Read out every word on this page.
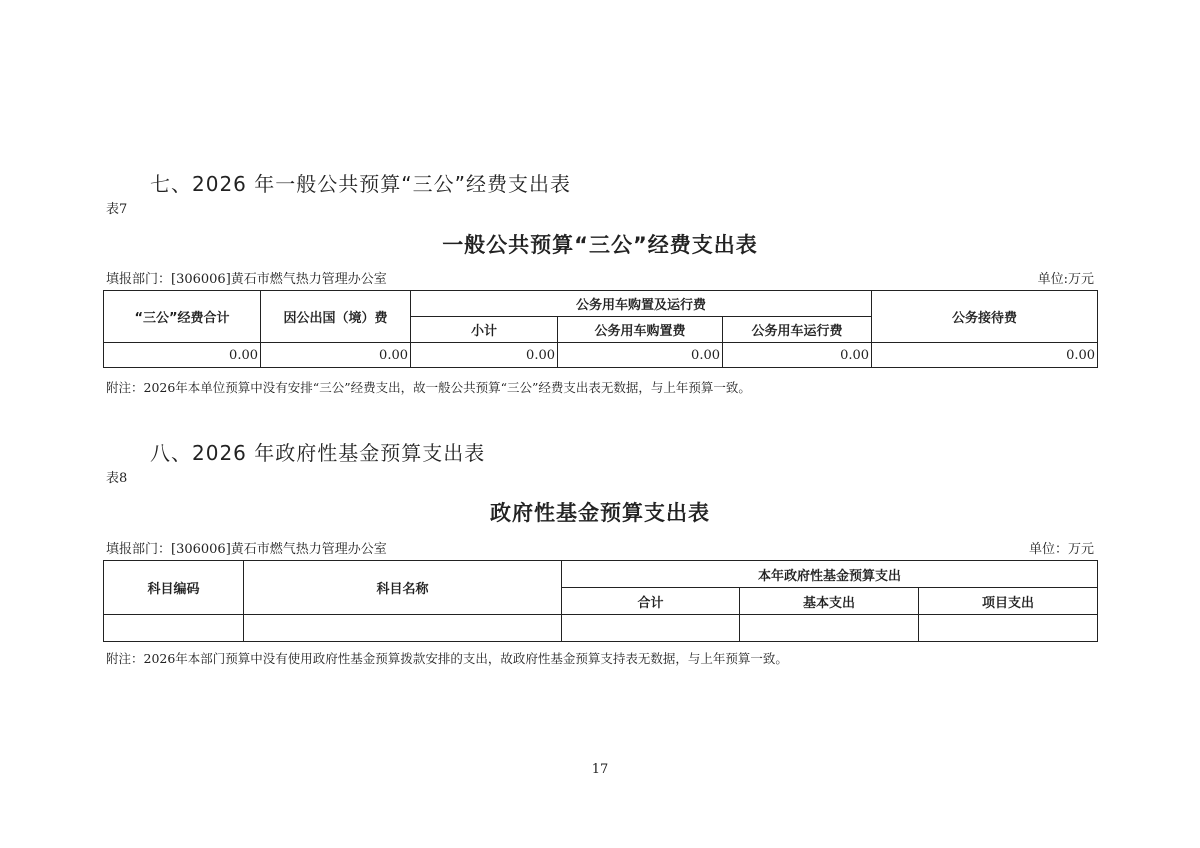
七、2026 年一般公共预算“三公”经费支出表
表7
一般公共预算“三公”经费支出表
填报部门：[306006]黄石市燃气热力管理办公室	单位:万元
“三公”经费合计	因公出国（境）费	公务用车购置及运行费			公务接待费
		小计	公务用车购置费	公务用车运行费	
0.00	0.00	0.00	0.00	0.00	0.00
附注：2026年本单位预算中没有安排“三公”经费支出，故一般公共预算“三公”经费支出表无数据，与上年预算一致。
八、2026 年政府性基金预算支出表
表8
政府性基金预算支出表
填报部门：[306006]黄石市燃气热力管理办公室	单位：万元
科目编码	科目名称	本年政府性基金预算支出		
		合计	基本支出	项目支出

附注：2026年本部门预算中没有使用政府性基金预算拨款安排的支出，故政府性基金预算支持表无数据，与上年预算一致。
17
